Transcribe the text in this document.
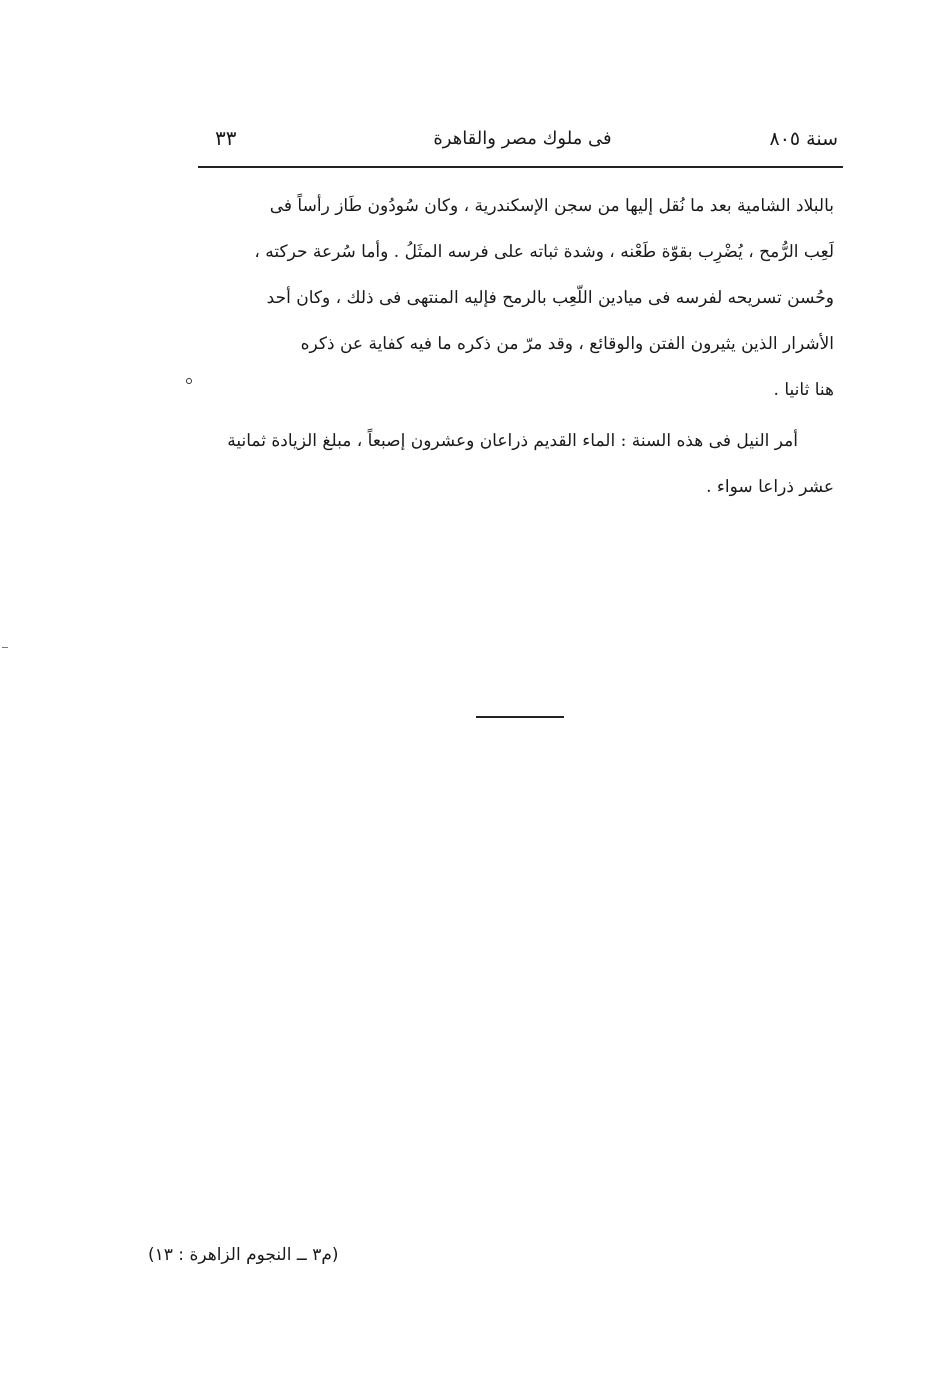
٣٣	فى ملوك مصر والقاهرة	سنة ٨٠٥
بالبلاد الشامية بعد ما نُقل إليها من سجن الإسكندرية ، وكان سُودُون طَاز رأساً فى
لَعِب الرُّمح ، يُضْرِب بقوّة طَعْنه ، وشدة ثباته على فرسه المثَلُ . وأما سُرعة حركته ،
وحُسن تسريحه لفرسه فى ميادين اللّعِب بالرمح فإليه المنتهى فى ذلك ، وكان أحد
الأشرار الذين يثيرون الفتن والوقائع ، وقد مرّ من ذكره ما فيه كفاية عن ذكره
هنا ثانيا .
أمر النيل فى هذه السنة : الماء القديم ذراعان وعشرون إصبعاً ، مبلغ الزيادة ثمانية
عشر ذراعا سواء .
(م٣ ــ النجوم الزاهرة : ١٣)
